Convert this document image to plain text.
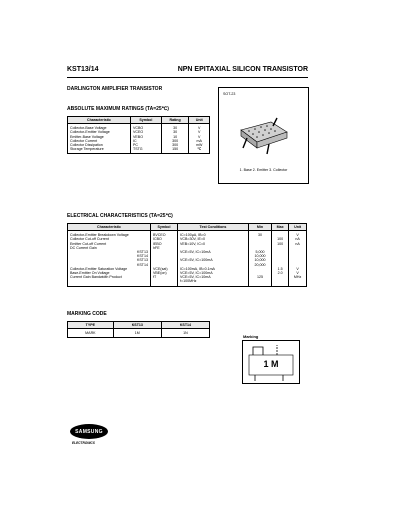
KST13/14	NPN EPITAXIAL SILICON TRANSISTOR
DARLINGTON AMPLIFIER TRANSISTOR
ABSOLUTE MAXIMUM RATINGS (TA=25℃)
Characteristic	Symbol	Rating	Unit
Collector-Base Voltage	VCBO	30	V
Collector-Emitter Voltage	VCEO	30	V
Emitter-Base Voltage	VEBO	10	V
Collector Current	IC	300	mA
Collector Dissipation	PC	300	mW
Storage Temperature	TSTG	150	℃
SOT-23
1. Base 2. Emitter 3. Collector
ELECTRICAL CHARACTERISTICS (TA=25℃)
Characteristic	Symbol	Test Conditions	Min	Max	Unit
Collector-Emitter Breakdown Voltage	BVCEO	IC=100μA, IB=0	30		V
Collector Cut-off Current	ICBO	VCB=30V, IE=0		100	nA
Emitter Cut-off Current	IEBO	VEB=10V, IC=0		100	nA
DC Current Gain	hFE				
KST13		VCE=5V, IC=10mA	5,000		
KST14			10,000		
KST13		VCE=5V, IC=100mA	10,000		
KST14			20,000		
Collector-Emitter Saturation Voltage	VCE(sat)	IC=100mA, IB=0.1mA		1.5	V
Base-Emitter On Voltage	VBE(on)	VCE=5V, IC=100mA		2.0	V
Current Gain Bandwidth Product	fT	VCE=5V, IC=10mA	125		MHz
		f=100MHz			
MARKING CODE
TYPE	KST13	KST14
MARK	1M	1N
Marking
1 M
SAMSUNG
ELECTRONICS
